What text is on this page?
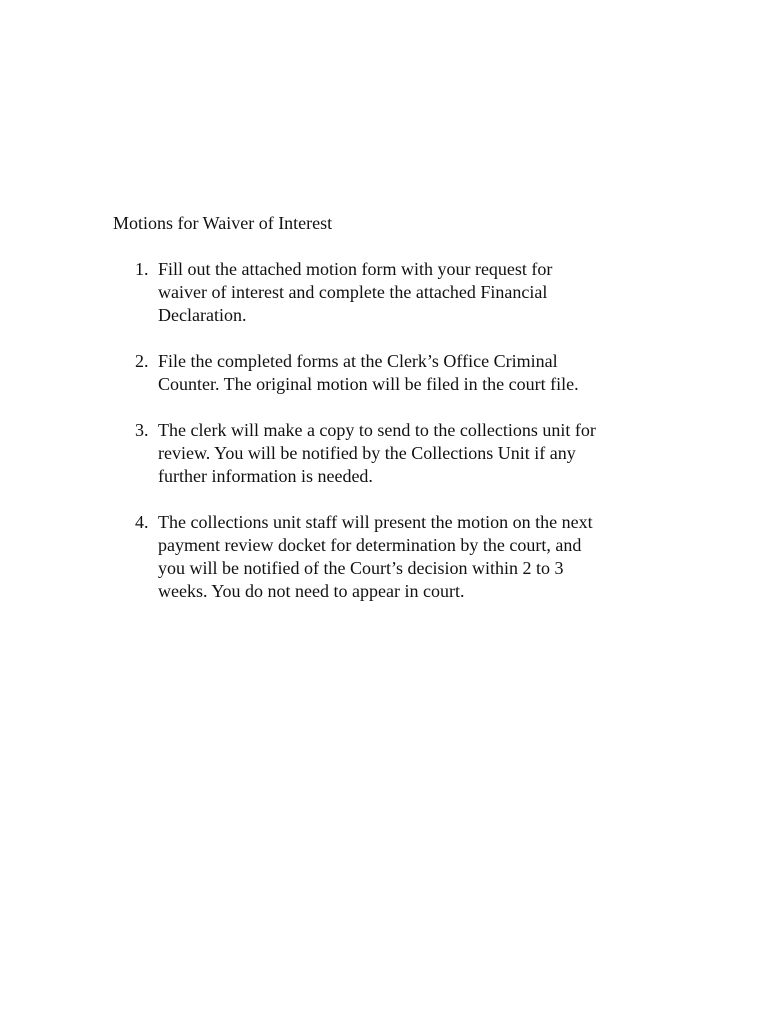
Motions for Waiver of Interest
1. Fill out the attached motion form with your request for
waiver of interest and complete the attached Financial
Declaration.
2. File the completed forms at the Clerk’s Office Criminal
Counter. The original motion will be filed in the court file.
3. The clerk will make a copy to send to the collections unit for
review. You will be notified by the Collections Unit if any
further information is needed.
4. The collections unit staff will present the motion on the next
payment review docket for determination by the court, and
you will be notified of the Court’s decision within 2 to 3
weeks. You do not need to appear in court.
